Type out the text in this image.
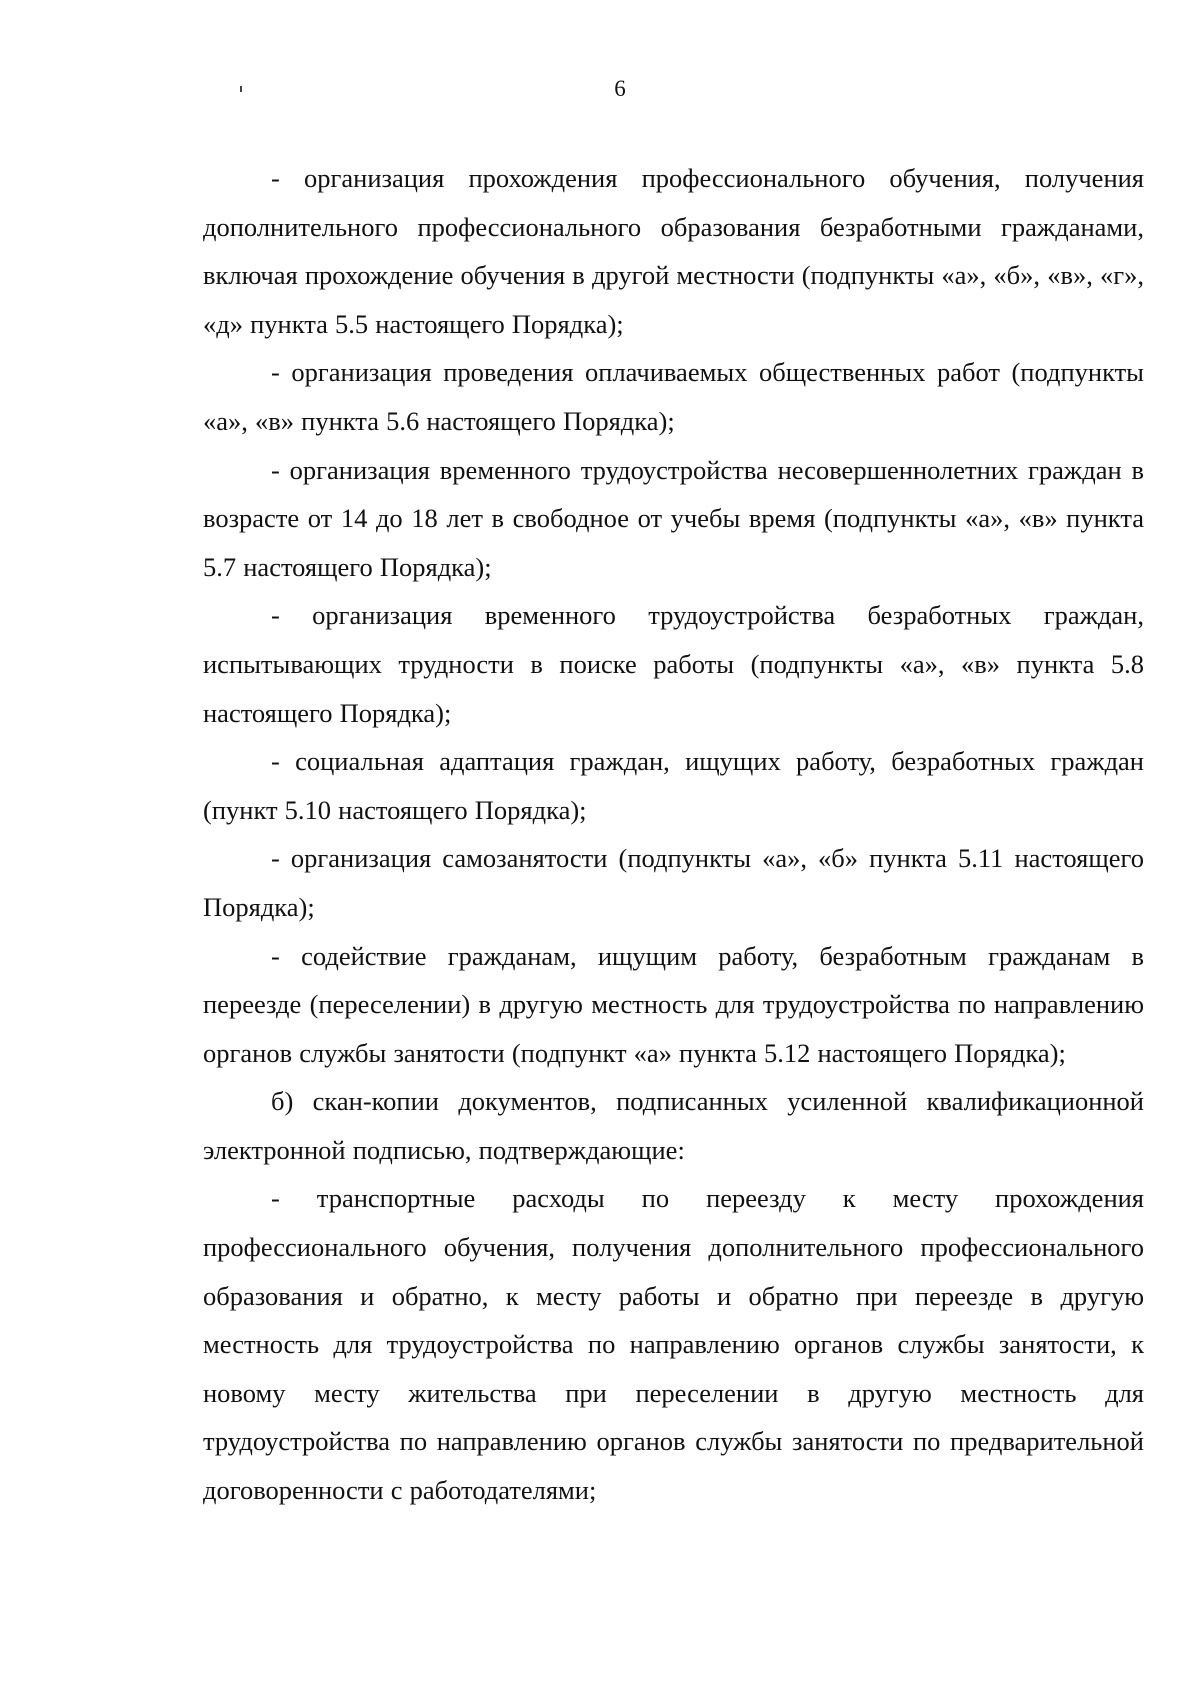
6

- организация прохождения профессионального обучения, получения дополнительного профессионального образования безработными гражданами, включая прохождение обучения в другой местности (подпункты «а», «б», «в», «г», «д» пункта 5.5 настоящего Порядка);

- организация проведения оплачиваемых общественных работ (подпункты «а», «в» пункта 5.6 настоящего Порядка);

- организация временного трудоустройства несовершеннолетних граждан в возрасте от 14 до 18 лет в свободное от учебы время (подпункты «а», «в» пункта 5.7 настоящего Порядка);

- организация временного трудоустройства безработных граждан, испытывающих трудности в поиске работы (подпункты «а», «в» пункта 5.8 настоящего Порядка);

- социальная адаптация граждан, ищущих работу, безработных граждан (пункт 5.10 настоящего Порядка);

- организация самозанятости (подпункты «а», «б» пункта 5.11 настоящего Порядка);

- содействие гражданам, ищущим работу, безработным гражданам в переезде (переселении) в другую местность для трудоустройства по направлению органов службы занятости (подпункт «а» пункта 5.12 настоящего Порядка);

б) скан-копии документов, подписанных усиленной квалификационной электронной подписью, подтверждающие:

- транспортные расходы по переезду к месту прохождения профессионального обучения, получения дополнительного профессионального образования и обратно, к месту работы и обратно при переезде в другую местность для трудоустройства по направлению органов службы занятости, к новому месту жительства при переселении в другую местность для трудоустройства по направлению органов службы занятости по предварительной договоренности с работодателями;
